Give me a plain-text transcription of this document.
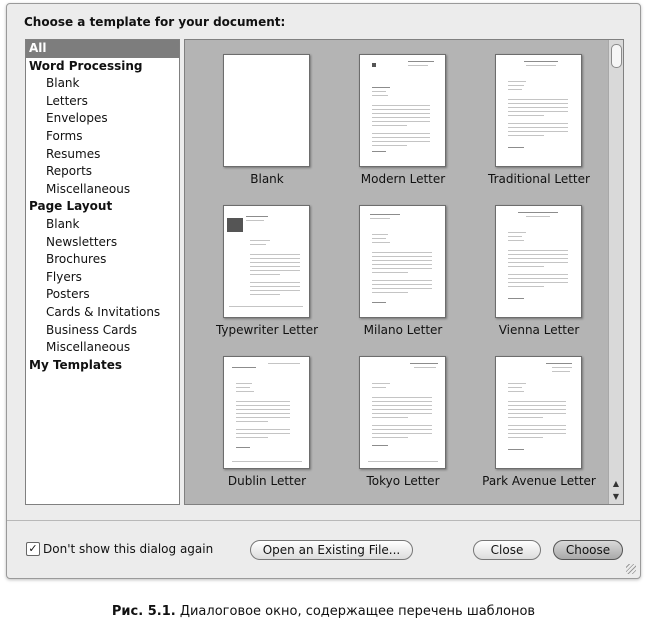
Choose a template for your document:
All
Word Processing
Blank
Letters
Envelopes
Forms
Resumes
Reports
Miscellaneous
Page Layout
Blank
Newsletters
Brochures
Flyers
Posters
Cards & Invitations
Business Cards
Miscellaneous
My Templates
Blank	Modern Letter	Traditional Letter
Typewriter Letter	Milano Letter	Vienna Letter
Dublin Letter	Tokyo Letter	Park Avenue Letter	▲
▼
✓ Don't show this dialog again	Open an Existing File...	Close	Choose
Рис. 5.1. Диалоговое окно, содержащее перечень шаблонов
